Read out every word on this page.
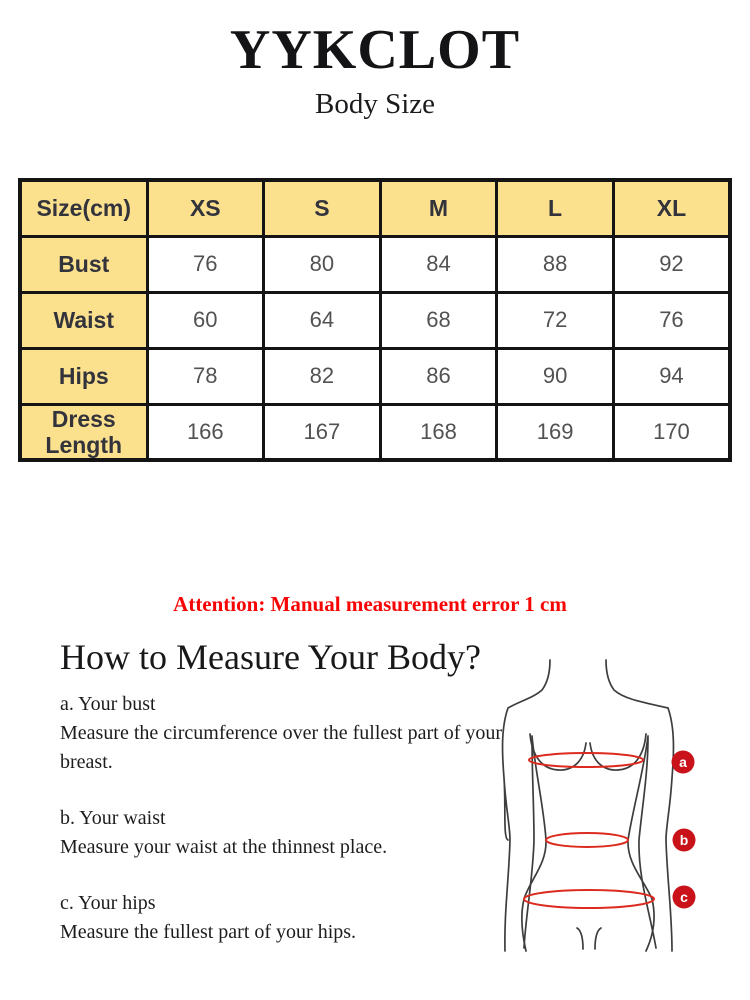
YYKCLOT
Body Size
Size(cm)	XS	S	M	L	XL
Bust	76	80	84	88	92
Waist	60	64	68	72	76
Hips	78	82	86	90	94
Dress Length	166	167	168	169	170
Attention: Manual measurement error 1 cm
How to Measure Your Body?
a. Your bust
Measure the circumference over the fullest part of your breast.
b. Your waist
Measure your waist at the thinnest place.
c. Your hips
Measure the fullest part of your hips.
a
b
c
